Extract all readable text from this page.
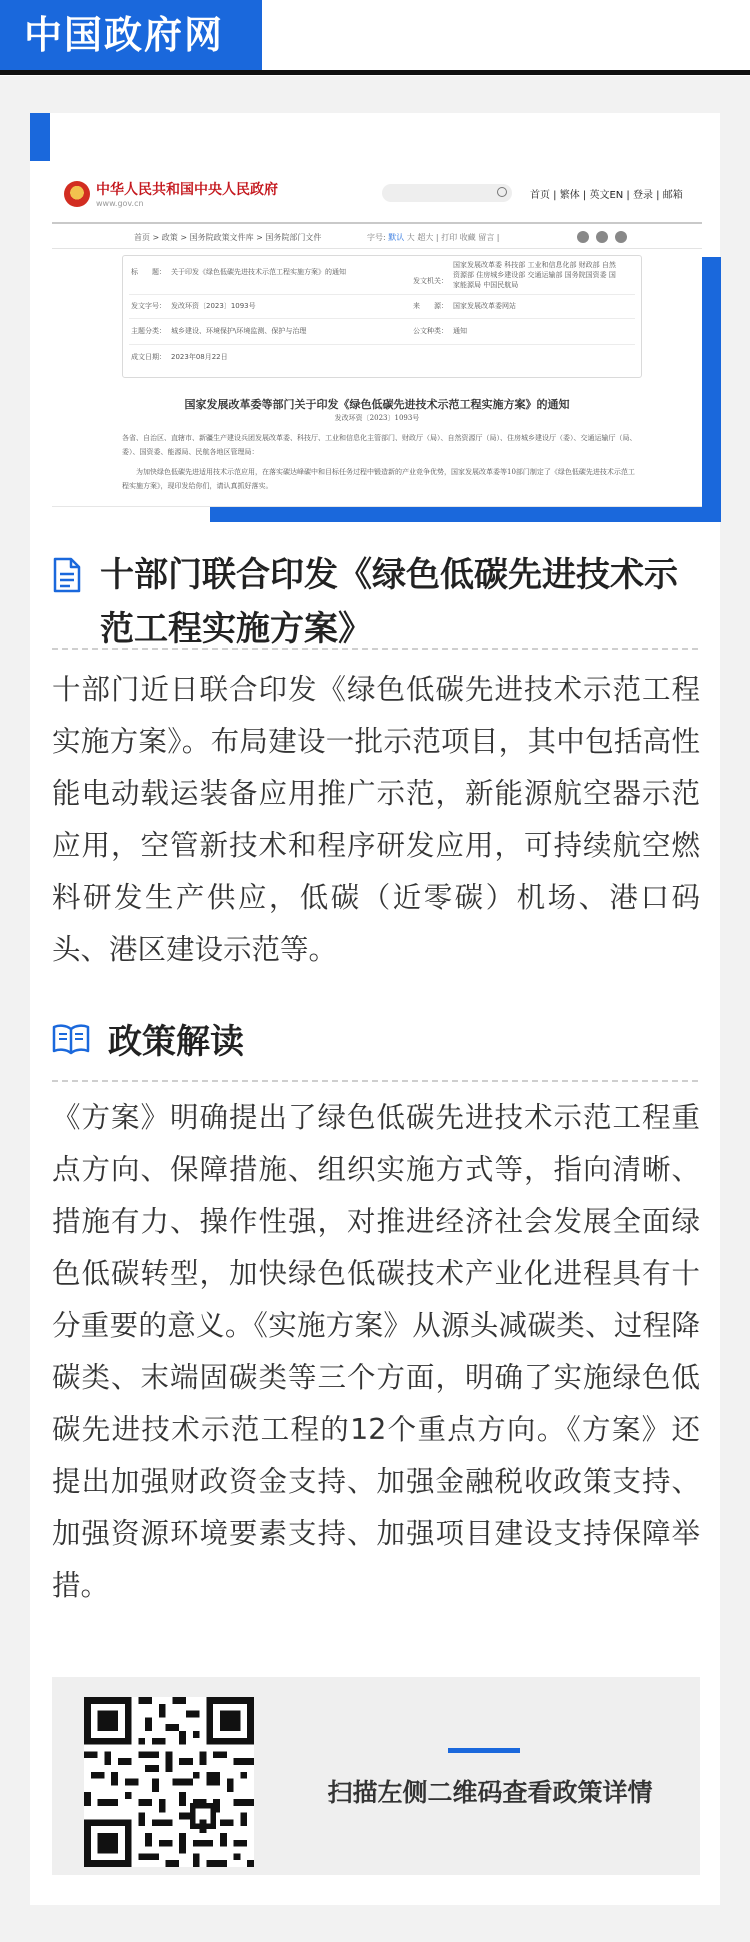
中国政府网
中华人民共和国中央人民政府
www.gov.cn
首页 | 繁体 | 英文EN | 登录 | 邮箱
首页 > 政策 > 国务院政策文件库 > 国务院部门文件	字号: 默认 大 超大 | 打印 收藏 留言 |
标　　题： 关于印发《绿色低碳先进技术示范工程实施方案》的通知
发文机关：
国家发展改革委 科技部 工业和信息化部 财政部 自然
资源部 住房城乡建设部 交通运输部 国务院国资委 国
家能源局 中国民航局
发文字号： 发改环资〔2023〕1093号	来　　源： 国家发展改革委网站
主题分类： 城乡建设、环境保护\环境监测、保护与治理	公文种类： 通知
成文日期： 2023年08月22日
国家发展改革委等部门关于印发《绿色低碳先进技术示范工程实施方案》的通知
发改环资〔2023〕1093号

各省、自治区、直辖市、新疆生产建设兵团发展改革委、科技厅、工业和信息化主管部门、财政厅（局）、自然资源厅（局）、住房城乡建设厅（委）、交通运输厅（局、委）、国资委、能源局、民航各地区管理局：

为加快绿色低碳先进适用技术示范应用，在落实碳达峰碳中和目标任务过程中锻造新的产业竞争优势，国家发展改革委等10部门制定了《绿色低碳先进技术示范工程实施方案》，现印发给你们，请认真抓好落实。

十部门联合印发《绿色低碳先进技术示范工程实施方案》
十部门近日联合印发《绿色低碳先进技术示范工程实施方案》。布局建设一批示范项目，其中包括高性能电动载运装备应用推广示范，新能源航空器示范应用，空管新技术和程序研发应用，可持续航空燃料研发生产供应，低碳（近零碳）机场、港口码头、港区建设示范等。
政策解读
《方案》明确提出了绿色低碳先进技术示范工程重点方向、保障措施、组织实施方式等，指向清晰、措施有力、操作性强，对推进经济社会发展全面绿色低碳转型，加快绿色低碳技术产业化进程具有十分重要的意义。《实施方案》从源头减碳类、过程降碳类、末端固碳类等三个方面，明确了实施绿色低碳先进技术示范工程的12个重点方向。《方案》还提出加强财政资金支持、加强金融税收政策支持、加强资源环境要素支持、加强项目建设支持保障举措。
扫描左侧二维码查看政策详情
